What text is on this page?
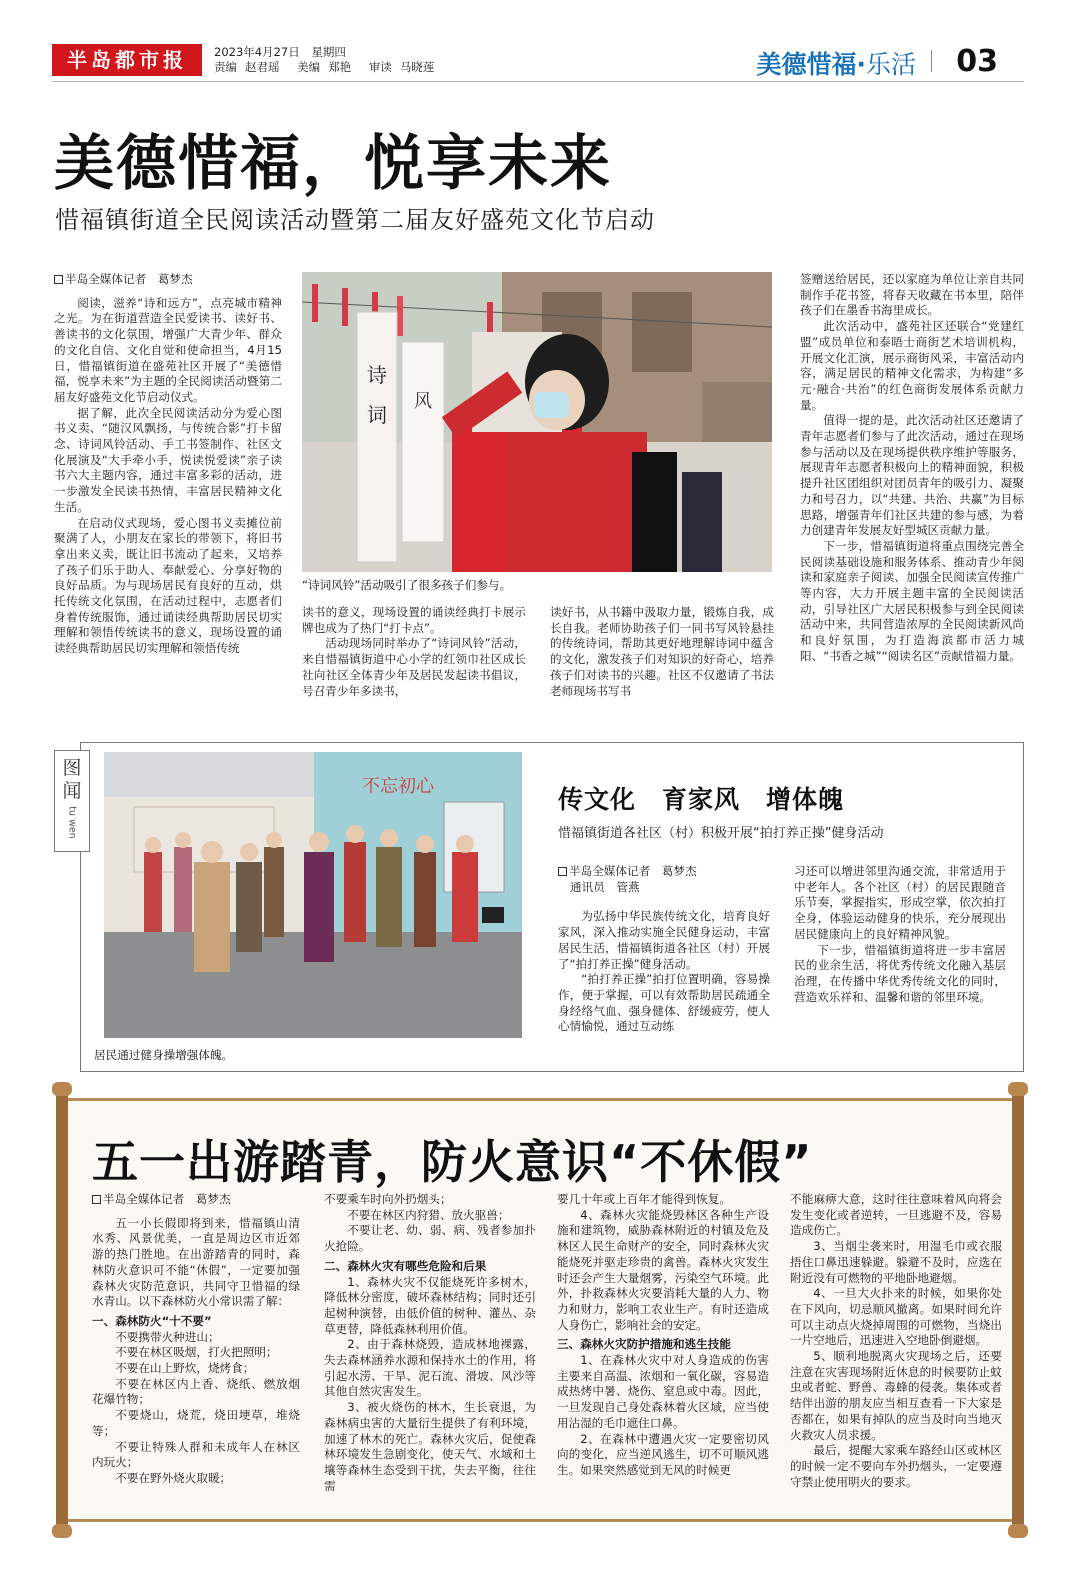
半岛都市报	2023年4月27日 星期四
责编 赵君瑶 美编 郑艳 审读 马晓莲	美德惜福·乐活 03
美德惜福，悦享未来
惜福镇街道全民阅读活动暨第二届友好盛苑文化节启动
半岛全媒体记者　葛梦杰

阅读，滋养“诗和远方”，点亮城市精神之光。为在街道营造全民爱读书、读好书、善读书的文化氛围，增强广大青少年、群众的文化自信、文化自觉和使命担当，4月15日，惜福镇街道在盛苑社区开展了“美德惜福，悦享未来”为主题的全民阅读活动暨第二届友好盛苑文化节启动仪式。

据了解，此次全民阅读活动分为爱心图书义卖、“随汉风飘扬，与传统合影”打卡留念、诗词风铃活动、手工书签制作、社区文化展演及“大手牵小手，悦读悦爱读”亲子读书六大主题内容，通过丰富多彩的活动，进一步激发全民读书热情，丰富居民精神文化生活。

在启动仪式现场，爱心图书义卖摊位前聚满了人，小朋友在家长的带领下，将旧书拿出来义卖，既让旧书流动了起来，又培养了孩子们乐于助人、奉献爱心、分享好物的良好品质。为与现场居民有良好的互动，烘托传统文化氛围，在活动过程中，志愿者们身着传统服饰，通过诵读经典帮助居民切实理解和领悟传统读书的意义，现场设置的诵读经典帮助居民切实理解和领悟传统

诗
词
风
“诗词风铃”活动吸引了很多孩子们参与。

读书的意义，现场设置的诵读经典打卡展示牌也成为了热门“打卡点”。

活动现场同时举办了“诗词风铃”活动，来自惜福镇街道中心小学的红领巾社区成长社向社区全体青少年及居民发起读书倡议，号召青少年多读书，

读好书，从书籍中汲取力量，锻炼自我，成长自我。老师协助孩子们一同书写风铃悬挂的传统诗词，帮助其更好地理解诗词中蕴含的文化，激发孩子们对知识的好奇心，培养孩子们对读书的兴趣。社区不仅邀请了书法老师现场书写书

签赠送给居民，还以家庭为单位让亲自共同制作手花书签，将春天收藏在书本里，陪伴孩子们在墨香书海里成长。

此次活动中，盛苑社区还联合“党建红盟”成员单位和泰晤士商街艺术培训机构，开展文化汇演，展示商街风采，丰富活动内容，满足居民的精神文化需求，为构建“多元·融合·共治”的红色商街发展体系贡献力量。

值得一提的是，此次活动社区还邀请了青年志愿者们参与了此次活动，通过在现场参与活动以及在现场提供秩序维护等服务，展现青年志愿者积极向上的精神面貌，积极提升社区团组织对团员青年的吸引力、凝聚力和号召力，以“共建、共治、共赢”为目标思路，增强青年们社区共建的参与感，为着力创建青年发展友好型城区贡献力量。

下一步，惜福镇街道将重点围绕完善全民阅读基础设施和服务体系、推动青少年阅读和家庭亲子阅读、加强全民阅读宣传推广等内容，大力开展主题丰富的全民阅读活动，引导社区广大居民积极参与到全民阅读活动中来，共同营造浓厚的全民阅读新风尚和良好氛围，为打造海滨都市活力城阳、“书香之城”“阅读名区”贡献惜福力量。

图闻
tu wen
不忘初心
居民通过健身操增强体魄。
传文化 育家风 增体魄
惜福镇街道各社区（村）积极开展“拍打养正操”健身活动
半岛全媒体记者　葛梦杰
通讯员　管燕

为弘扬中华民族传统文化，培育良好家风，深入推动实施全民健身运动，丰富居民生活，惜福镇街道各社区（村）开展了“拍打养正操”健身活动。

“拍打养正操”拍打位置明确，容易操作，便于掌握，可以有效帮助居民疏通全身经络气血、强身健体、舒缓疲劳，使人心情愉悦，通过互动练

习还可以增进邻里沟通交流，非常适用于中老年人。各个社区（村）的居民跟随音乐节奏，掌握指实，形成空掌，依次拍打全身，体验运动健身的快乐，充分展现出居民健康向上的良好精神风貌。

下一步，惜福镇街道将进一步丰富居民的业余生活，将优秀传统文化融入基层治理，在传播中华优秀传统文化的同时，营造欢乐祥和、温馨和谐的邻里环境。

五一出游踏青，防火意识“不休假”
半岛全媒体记者　葛梦杰

五一小长假即将到来，惜福镇山清水秀、风景优美，一直是周边区市近郊游的热门胜地。在出游踏青的同时，森林防火意识可不能“休假”，一定要加强森林火灾防范意识，共同守卫惜福的绿水青山。以下森林防火小常识需了解：

一、森林防火“十不要”

不要携带火种进山；

不要在林区吸烟，打火把照明；

不要在山上野炊，烧烤食；

不要在林区内上香、烧纸、燃放烟花爆竹物；

不要烧山，烧荒，烧田埂草，堆烧等；

不要让特殊人群和未成年人在林区内玩火；

不要在野外烧火取暖；

不要乘车时向外扔烟头；

不要在林区内狩猎、放火驱兽；

不要让老、幼、弱、病、残者参加扑火抢险。

二、森林火灾有哪些危险和后果

1、森林火灾不仅能烧死许多树木，降低林分密度，破坏森林结构；同时还引起树种演替，由低价值的树种、灌丛、杂草更替，降低森林利用价值。

2、由于森林烧毁，造成林地裸露，失去森林涵养水源和保持水土的作用，将引起水涝、干旱、泥石流、滑坡、风沙等其他自然灾害发生。

3、被火烧伤的林木，生长衰退，为森林病虫害的大量衍生提供了有利环境，加速了林木的死亡。森林火灾后，促使森林环境发生急剧变化，使天气、水域和土壤等森林生态受到干扰，失去平衡，往往需

要几十年或上百年才能得到恢复。

4、森林火灾能烧毁林区各种生产设施和建筑物，威胁森林附近的村镇及危及林区人民生命财产的安全，同时森林火灾能烧死并驱走珍贵的禽兽。森林火灾发生时还会产生大量烟雾，污染空气环境。此外，扑救森林火灾要消耗大量的人力、物力和财力，影响工农业生产。有时还造成人身伤亡，影响社会的安定。

三、森林火灾防护措施和逃生技能

1、在森林火灾中对人身造成的伤害主要来自高温、浓烟和一氧化碳，容易造成热烤中暑、烧伤、窒息或中毒。因此，一旦发现自己身处森林着火区域，应当使用沾湿的毛巾遮住口鼻。

2、在森林中遭遇火灾一定要密切风向的变化，应当逆风逃生，切不可顺风逃生。如果突然感觉到无风的时候更

不能麻痹大意，这时往往意味着风向将会发生变化或者逆转，一旦逃避不及，容易造成伤亡。

3、当烟尘袭来时，用湿毛巾或衣服捂住口鼻迅速躲避。躲避不及时，应选在附近没有可燃物的平地卧地避烟。

4、一旦大火扑来的时候，如果你处在下风向，切忌顺风撤离。如果时间允许可以主动点火烧掉周围的可燃物，当烧出一片空地后，迅速进入空地卧倒避烟。

5、顺利地脱离火灾现场之后，还要注意在灾害现场附近休息的时候要防止蚊虫或者蛇、野兽、毒蜂的侵袭。集体或者结伴出游的朋友应当相互查看一下大家是否都在，如果有掉队的应当及时向当地灭火救灾人员求援。

最后，提醒大家乘车路经山区或林区的时候一定不要向车外扔烟头，一定要遵守禁止使用明火的要求。
